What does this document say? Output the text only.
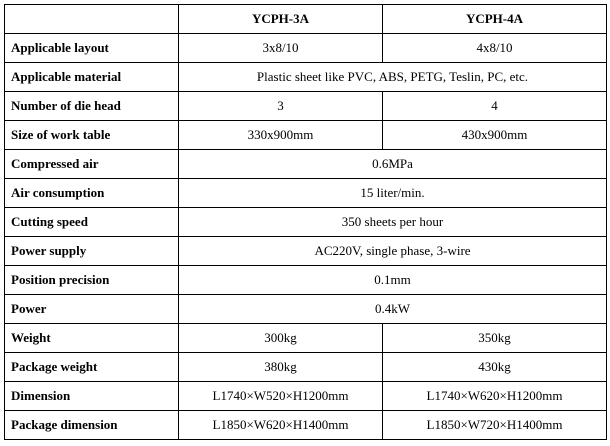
	YCPH-3A	YCPH-4A
Applicable layout	3x8/10	4x8/10
Applicable material	Plastic sheet like PVC, ABS, PETG, Teslin, PC, etc.	
Number of die head	3	4
Size of work table	330x900mm	430x900mm
Compressed air	0.6MPa	
Air consumption	15 liter/min.	
Cutting speed	350 sheets per hour	
Power supply	AC220V, single phase, 3-wire	
Position precision	0.1mm	
Power	0.4kW	
Weight	300kg	350kg
Package weight	380kg	430kg
Dimension	L1740×W520×H1200mm	L1740×W620×H1200mm
Package dimension	L1850×W620×H1400mm	L1850×W720×H1400mm
